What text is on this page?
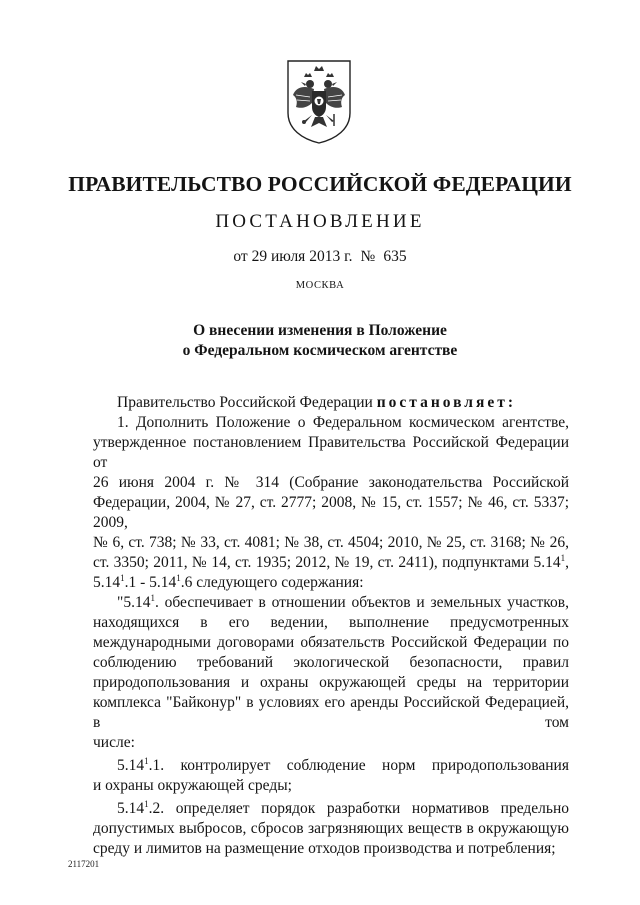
ПРАВИТЕЛЬСТВО РОССИЙСКОЙ ФЕДЕРАЦИИ
ПОСТАНОВЛЕНИЕ
от 29 июля 2013 г. № 635
МОСКВА
О внесении изменения в Положение
о Федеральном космическом агентстве

Правительство Российской Федерации постановляет:

1. Дополнить Положение о Федеральном космическом агентстве,

утвержденное постановлением Правительства Российской Федерации от

26 июня 2004 г. № 314 (Собрание законодательства Российской

Федерации, 2004, № 27, ст. 2777; 2008, № 15, ст. 1557; № 46, ст. 5337; 2009,

№ 6, ст. 738; № 33, ст. 4081; № 38, ст. 4504; 2010, № 25, ст. 3168; № 26,

ст. 3350; 2011, № 14, ст. 1935; 2012, № 19, ст. 2411), подпунктами 5.14$^1$,

5.14$^1$.1 - 5.14$^1$.6 следующего содержания:

"5.14$^1$. обеспечивает в отношении объектов и земельных участков,

находящихся в его ведении, выполнение предусмотренных

международными договорами обязательств Российской Федерации по

соблюдению требований экологической безопасности, правил

природопользования и охраны окружающей среды на территории

комплекса "Байконур" в условиях его аренды Российской Федерацией, в том

числе:

5.14$^1$.1. контролирует соблюдение норм природопользования

и охраны окружающей среды;

5.14$^1$.2. определяет порядок разработки нормативов предельно

допустимых выбросов, сбросов загрязняющих веществ в окружающую

среду и лимитов на размещение отходов производства и потребления;

2117201
